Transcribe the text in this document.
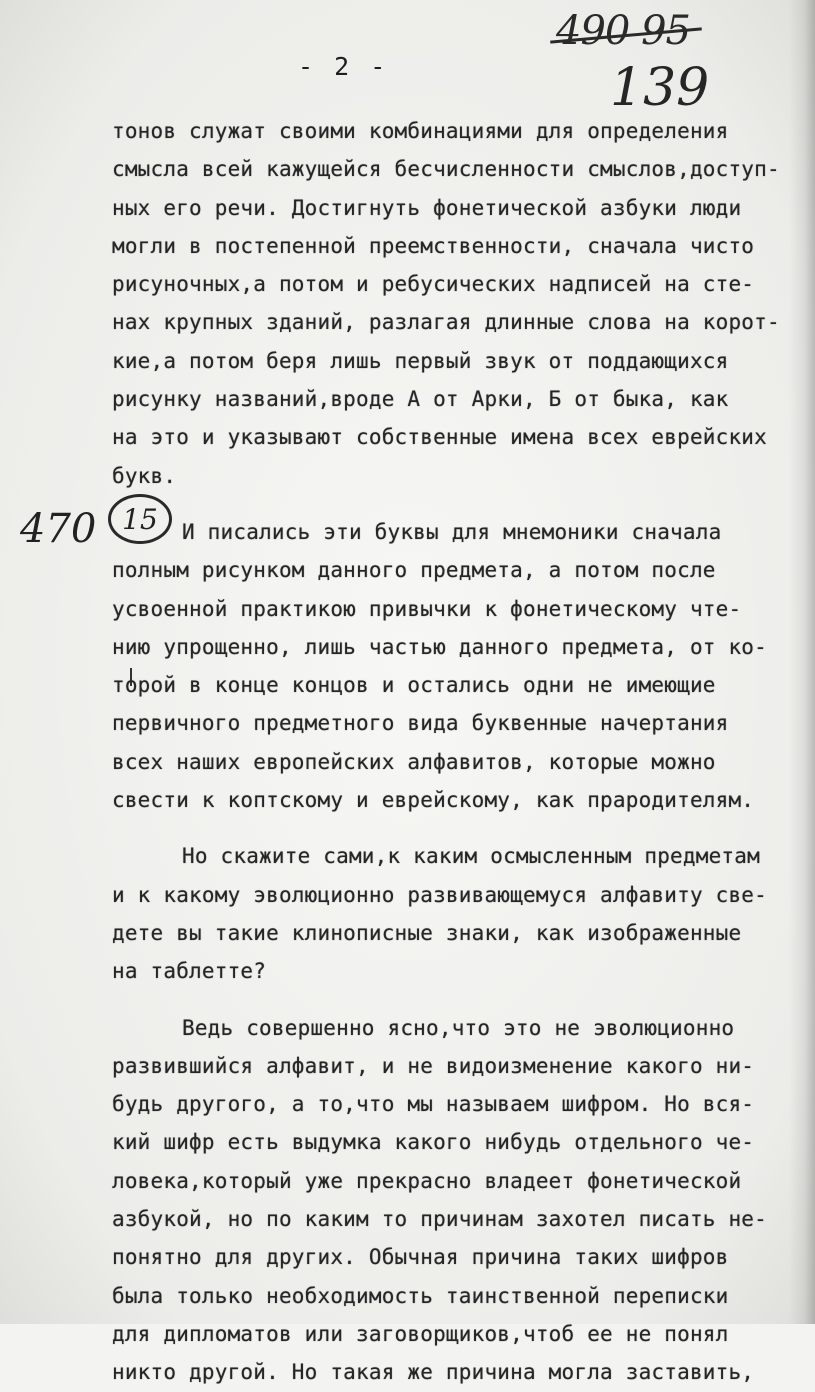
- 2 -
490 95
139
470 15
тонов служат своими комбинациями для определения
смысла всей кажущейся бесчисленности смыслов,доступ-
ных его речи. Достигнуть фонетической азбуки люди
могли в постепенной преемственности, сначала чисто
рисуночных,а потом и ребусических надписей на сте-
нах крупных зданий, разлагая длинные слова на корот-
кие,а потом беря лишь первый звук от поддающихся
рисунку названий,вроде А от Арки, Б от быка, как
на это и указывают собственные имена всех еврейских
букв.
И писались эти буквы для мнемоники сначала
полным рисунком данного предмета, а потом после
усвоенной практикою привычки к фонетическому чте-
нию упрощенно, лишь частью данного предмета, от ко-
торой в конце концов и остались одни не имеющие
первичного предметного вида буквенные начертания
всех наших европейских алфавитов, которые можно
свести к коптскому и еврейскому, как прародителям.
Но скажите сами,к каким осмысленным предметам
и к какому эволюционно развивающемуся алфавиту све-
дете вы такие клинописные знаки, как изображенные
на таблетте?
Ведь совершенно ясно,что это не эволюционно
развившийся алфавит, и не видоизменение какого ни-
будь другого, а то,что мы называем шифром. Но вся-
кий шифр есть выдумка какого нибудь отдельного че-
ловека,который уже прекрасно владеет фонетической
азбукой, но по каким то причинам захотел писать не-
понятно для других. Обычная причина таких шифров
была только необходимость таинственной переписки
для дипломатов или заговорщиков,чтоб ее не понял
никто другой. Но такая же причина могла заставить,
